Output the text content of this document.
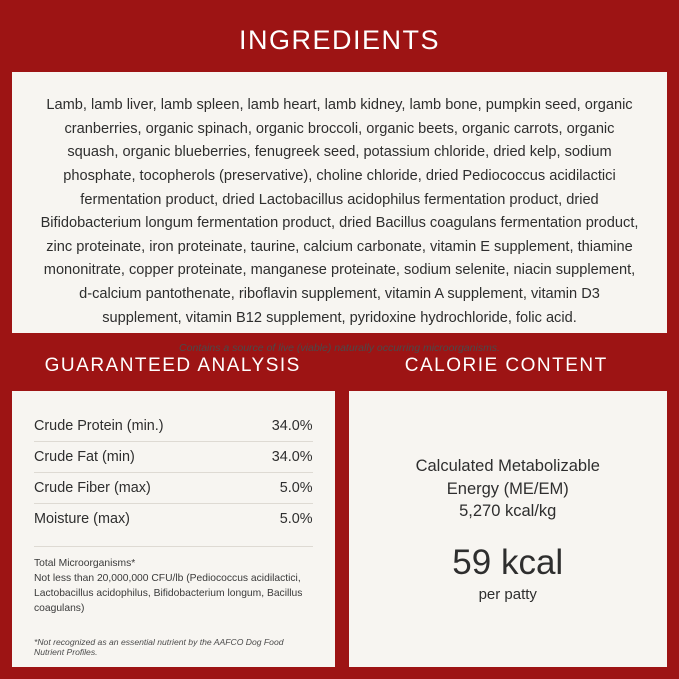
INGREDIENTS
Lamb, lamb liver, lamb spleen, lamb heart, lamb kidney, lamb bone, pumpkin seed, organic cranberries, organic spinach, organic broccoli, organic beets, organic carrots, organic squash, organic blueberries, fenugreek seed, potassium chloride, dried kelp, sodium phosphate, tocopherols (preservative), choline chloride, dried Pediococcus acidilactici fermentation product, dried Lactobacillus acidophilus fermentation product, dried Bifidobacterium longum fermentation product, dried Bacillus coagulans fermentation product, zinc proteinate, iron proteinate, taurine, calcium carbonate, vitamin E supplement, thiamine mononitrate, copper proteinate, manganese proteinate, sodium selenite, niacin supplement, d-calcium pantothenate, riboflavin supplement, vitamin A supplement, vitamin D3 supplement, vitamin B12 supplement, pyridoxine hydrochloride, folic acid.
Contains a source of live (viable) naturally occurring microorganisms.
GUARANTEED ANALYSIS	CALORIE CONTENT
Crude Protein (min.)	34.0%
Crude Fat (min)	34.0%
Crude Fiber (max)	5.0%
Moisture (max)	5.0%
Total Microorganisms*
Not less than 20,000,000 CFU/lb (Pediococcus acidilactici, Lactobacillus acidophilus, Bifidobacterium longum, Bacillus coagulans)
*Not recognized as an essential nutrient by the AAFCO Dog Food Nutrient Profiles.
Calculated Metabolizable Energy (ME/EM)
5,270 kcal/kg
59 kcal
per patty
